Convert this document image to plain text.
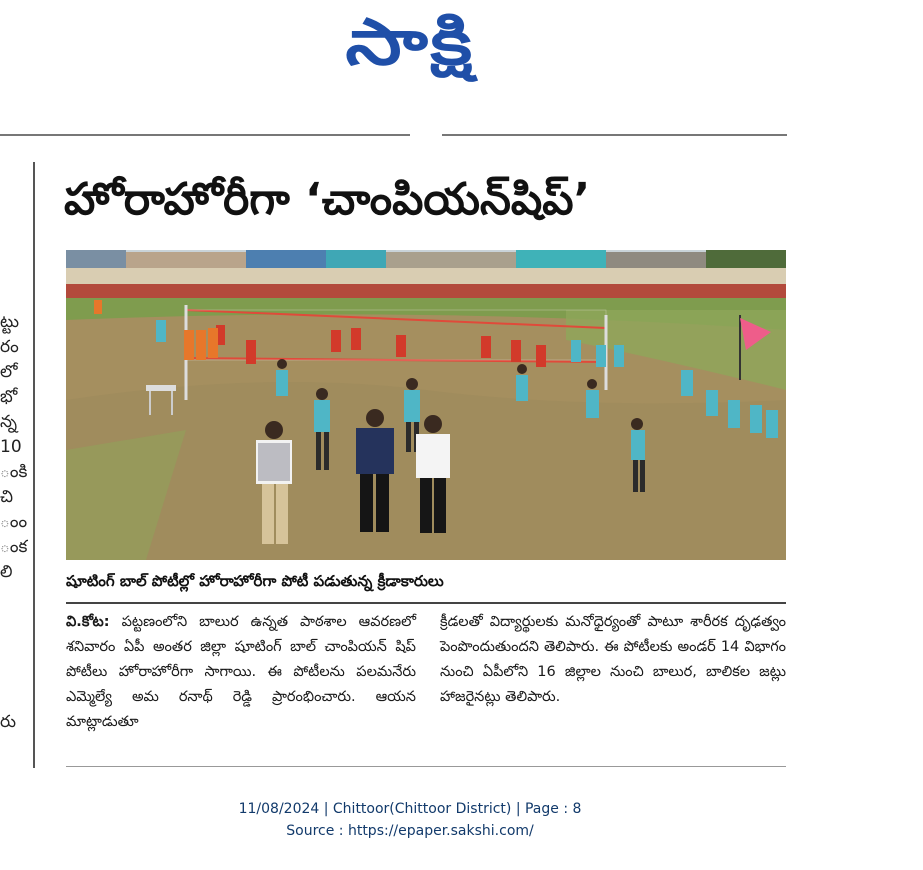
సాక్షి
ట్టు
రం
లో
భో
న్న
10
ంకి
చి
ంం
ంక
లి
రు
హోరాహోరీగా ‘చాంపియన్‌షిప్‌’
షూటింగ్‌ బాల్‌ పోటీల్లో హోరాహోరీగా పోటీ పడుతున్న క్రీడాకారులు
వి.కోట: పట్టణంలోని బాలుర ఉన్నత పాఠశాల ఆవరణలో శనివారం ఏపీ అంతర జిల్లా షూటింగ్‌ బాల్‌ చాంపియన్‌ షిప్‌ పోటీలు హోరాహోరీగా సాగాయి. ఈ పోటీలను పలమనేరు ఎమ్మెల్యే అమ రనాథ్‌ రెడ్డి ప్రారంభించారు. ఆయన మాట్లాడుతూ
క్రీడలతో విద్యార్థులకు మనోధైర్యంతో పాటూ శారీరక దృఢత్వం పెంపొందుతుందని తెలిపారు. ఈ పోటీలకు అండర్‌ 14 విభాగం నుంచి ఏపీలోని 16 జిల్లాల నుంచి బాలుర, బాలికల జట్లు హాజరైనట్లు తెలిపారు.
11/08/2024 | Chittoor(Chittoor District) | Page : 8
Source : https://epaper.sakshi.com/
